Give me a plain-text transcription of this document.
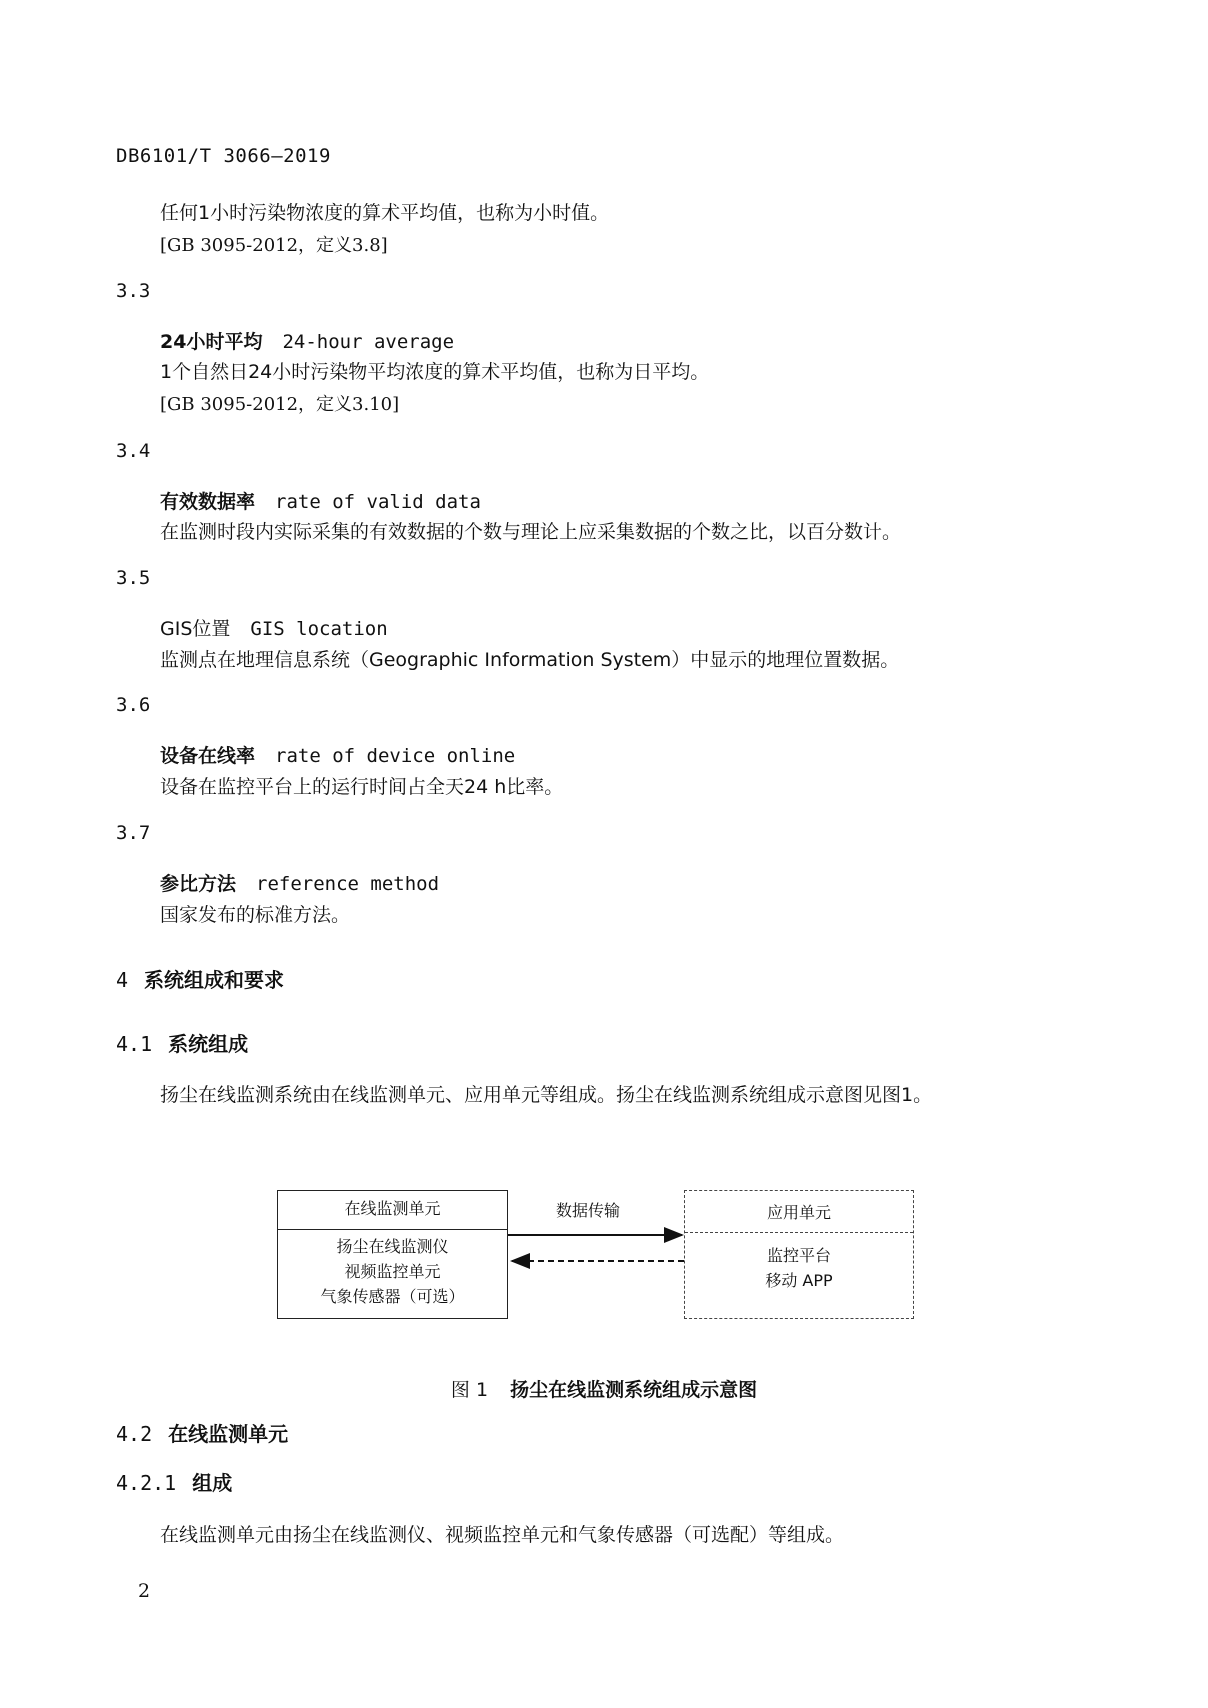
DB6101/T 3066—2019
任何1小时污染物浓度的算术平均值，也称为小时值。
[GB 3095-2012，定义3.8]
3.3
24小时平均 24-hour average
1个自然日24小时污染物平均浓度的算术平均值，也称为日平均。
[GB 3095-2012，定义3.10]
3.4
有效数据率 rate of valid data
在监测时段内实际采集的有效数据的个数与理论上应采集数据的个数之比，以百分数计。
3.5
GIS位置 GIS location
监测点在地理信息系统（Geographic Information System）中显示的地理位置数据。
3.6
设备在线率 rate of device online
设备在监控平台上的运行时间占全天24 h比率。
3.7
参比方法 reference method
国家发布的标准方法。
4 系统组成和要求
4.1 系统组成
扬尘在线监测系统由在线监测单元、应用单元等组成。扬尘在线监测系统组成示意图见图1。
在线监测单元
扬尘在线监测仪
视频监控单元
气象传感器（可选）
数据传输	应用单元
监控平台
移动 APP
图 1 扬尘在线监测系统组成示意图
4.2 在线监测单元
4.2.1 组成
在线监测单元由扬尘在线监测仪、视频监控单元和气象传感器（可选配）等组成。
2
